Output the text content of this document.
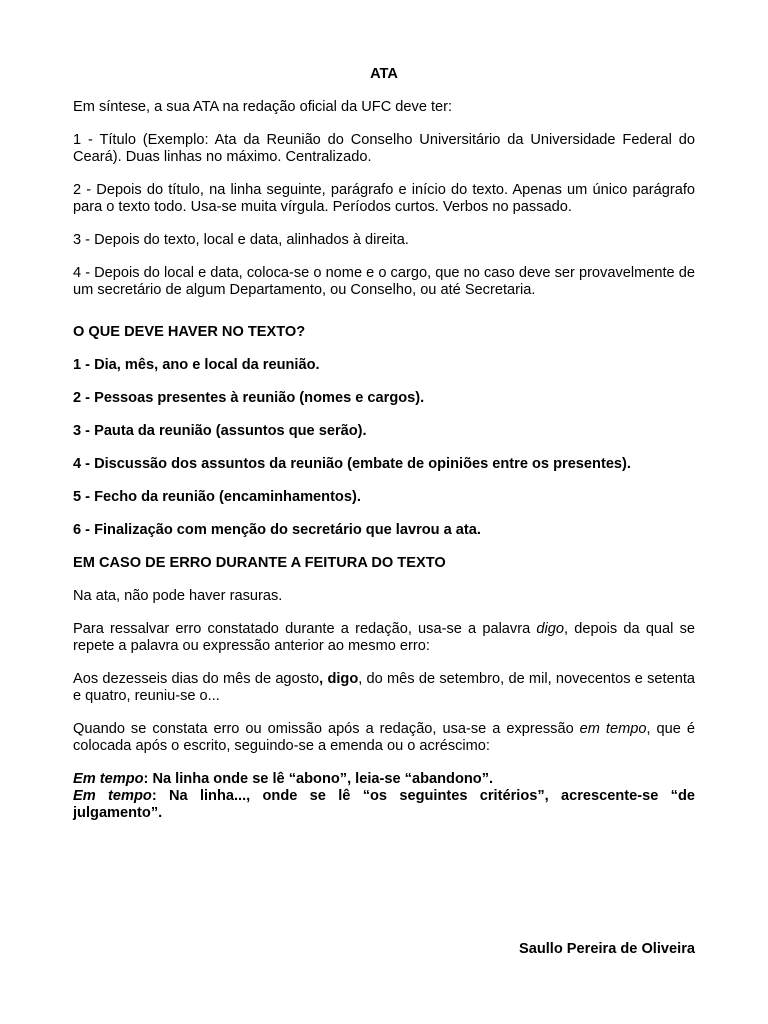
ATA

Em síntese, a sua ATA na redação oficial da UFC deve ter:

1 - Título (Exemplo: Ata da Reunião do Conselho Universitário da Universidade Federal do Ceará). Duas linhas no máximo. Centralizado.

2 - Depois do título, na linha seguinte, parágrafo e início do texto. Apenas um único parágrafo para o texto todo. Usa-se muita vírgula. Períodos curtos. Verbos no passado.

3 - Depois do texto, local e data, alinhados à direita.

4 - Depois do local e data, coloca-se o nome e o cargo, que no caso deve ser provavelmente de um secretário de algum Departamento, ou Conselho, ou até Secretaria.

O QUE DEVE HAVER NO TEXTO?
1 - Dia, mês, ano e local da reunião.
2 - Pessoas presentes à reunião (nomes e cargos).
3 - Pauta da reunião (assuntos que serão).
4 - Discussão dos assuntos da reunião (embate de opiniões entre os presentes).
5 - Fecho da reunião (encaminhamentos).
6 - Finalização com menção do secretário que lavrou a ata.
EM CASO DE ERRO DURANTE A FEITURA DO TEXTO

Na ata, não pode haver rasuras.

Para ressalvar erro constatado durante a redação, usa-se a palavra digo, depois da qual se repete a palavra ou expressão anterior ao mesmo erro:

Aos dezesseis dias do mês de agosto, digo, do mês de setembro, de mil, novecentos e setenta e quatro, reuniu-se o...

Quando se constata erro ou omissão após a redação, usa-se a expressão em tempo, que é colocada após o escrito, seguindo-se a emenda ou o acréscimo:

Em tempo: Na linha onde se lê “abono”, leia-se “abandono”.

Em tempo: Na linha..., onde se lê “os seguintes critérios”, acrescente-se “de julgamento”.

Saullo Pereira de Oliveira
